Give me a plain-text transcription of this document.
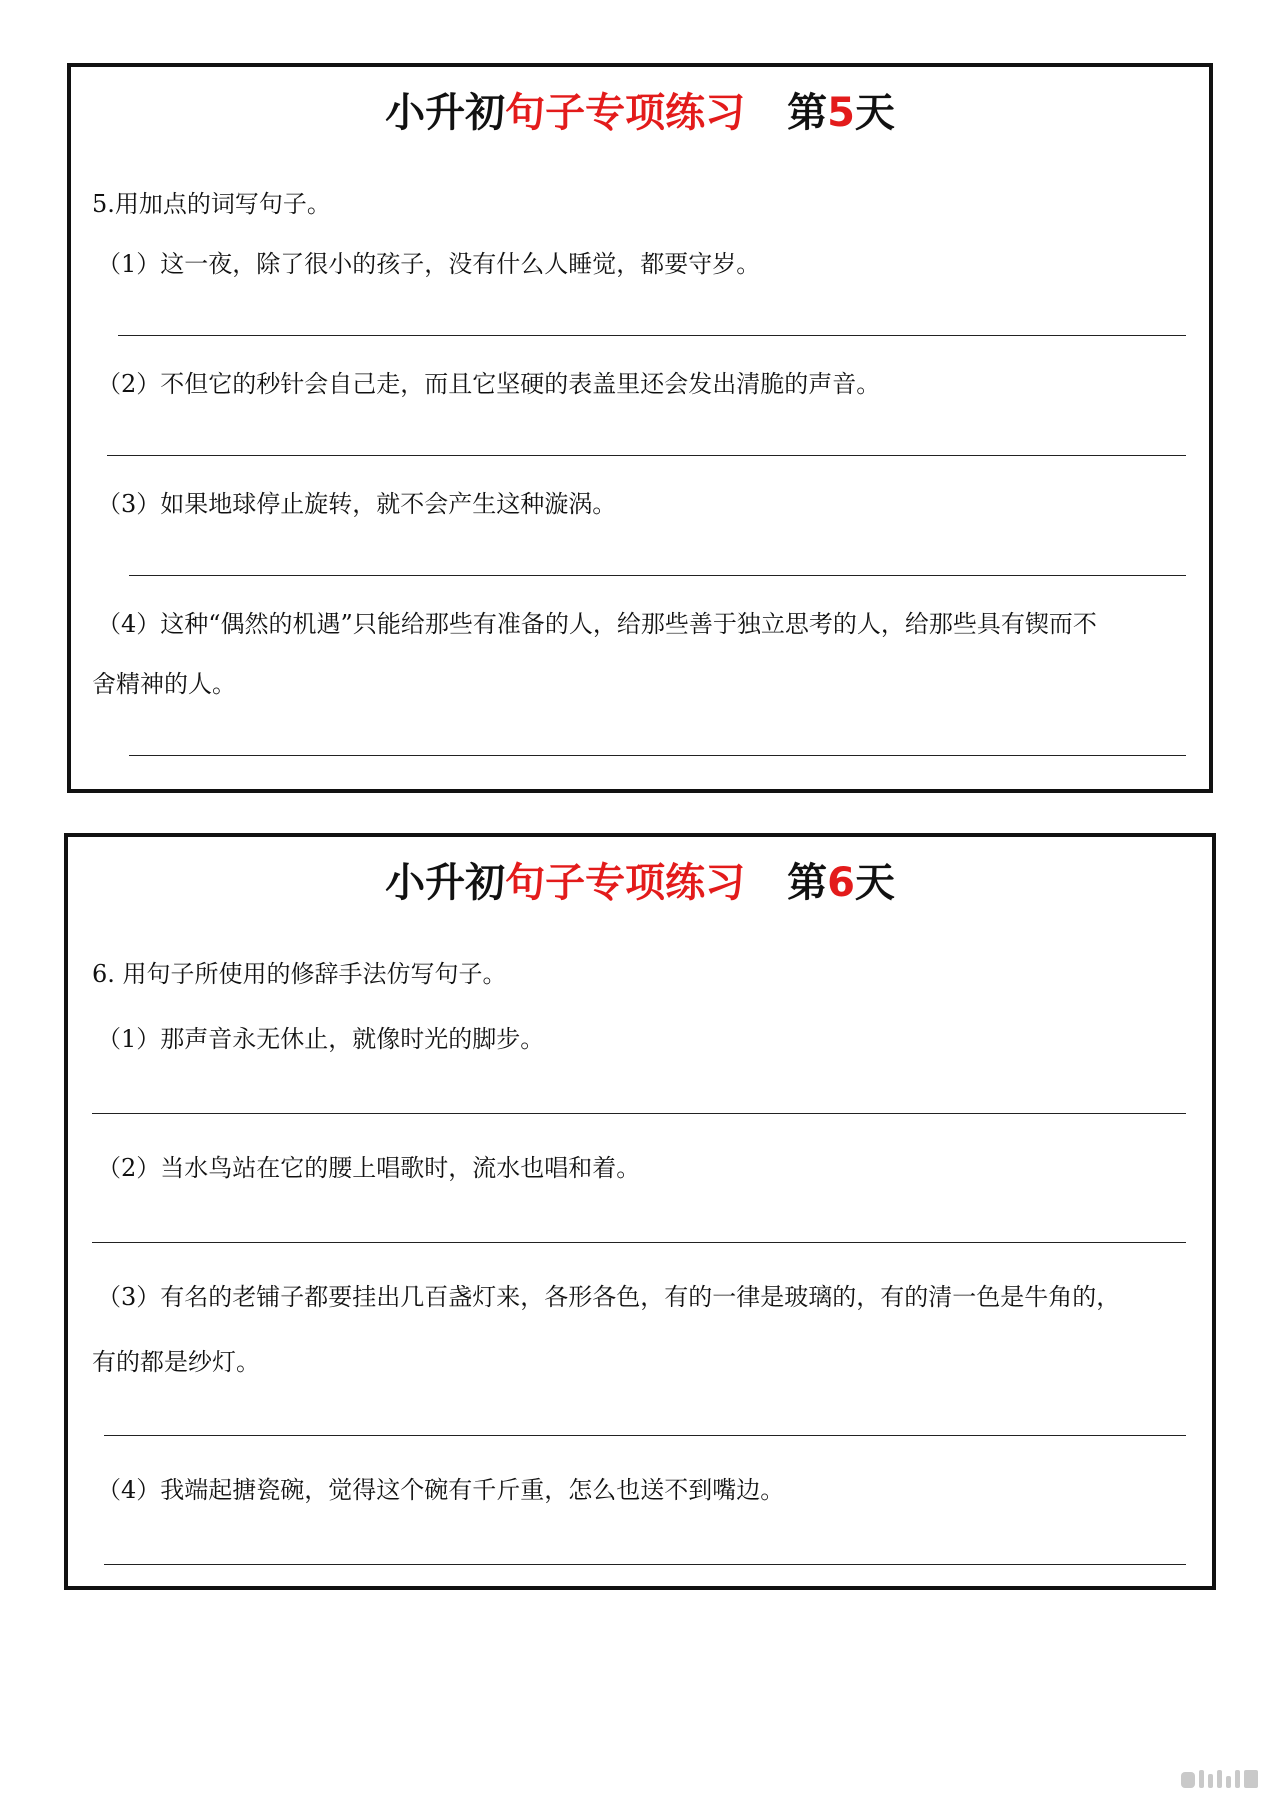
小升初句子专项练习 第5天
5.用加点的词写句子。
（1）这一夜，除了很小的孩子，没有什么人睡觉，都要守岁。
（2）不但它的秒针会自己走，而且它坚硬的表盖里还会发出清脆的声音。
（3）如果地球停止旋转，就不会产生这种漩涡。
（4）这种“偶然的机遇”只能给那些有准备的人，给那些善于独立思考的人，给那些具有锲而不
舍精神的人。
小升初句子专项练习 第6天
6. 用句子所使用的修辞手法仿写句子。
（1）那声音永无休止，就像时光的脚步。
（2）当水鸟站在它的腰上唱歌时，流水也唱和着。
（3）有名的老铺子都要挂出几百盏灯来，各形各色，有的一律是玻璃的，有的清一色是牛角的，
有的都是纱灯。
（4）我端起搪瓷碗，觉得这个碗有千斤重，怎么也送不到嘴边。
